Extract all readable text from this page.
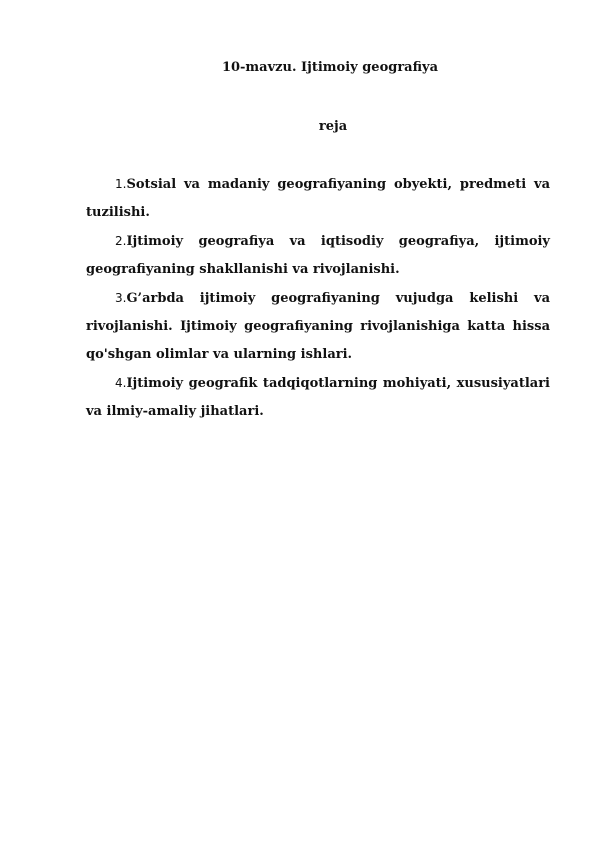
10-mavzu. Ijtimoiy geografiya
reja

1.Sotsial va madaniy geografiyaning obyekti, predmeti va tuzilishi.

2.Ijtimoiy geografiya va iqtisodiy geografiya, ijtimoiy geografiyaning shakllanishi va rivojlanishi.

3.G’arbda ijtimoiy geografiyaning vujudga kelishi va rivojlanishi. Ijtimoiy geografiyaning rivojlanishiga katta hissa qo'shgan olimlar va ularning ishlari.

4.Ijtimoiy geografik tadqiqotlarning mohiyati, xususiyatlari va ilmiy-amaliy jihatlari.
